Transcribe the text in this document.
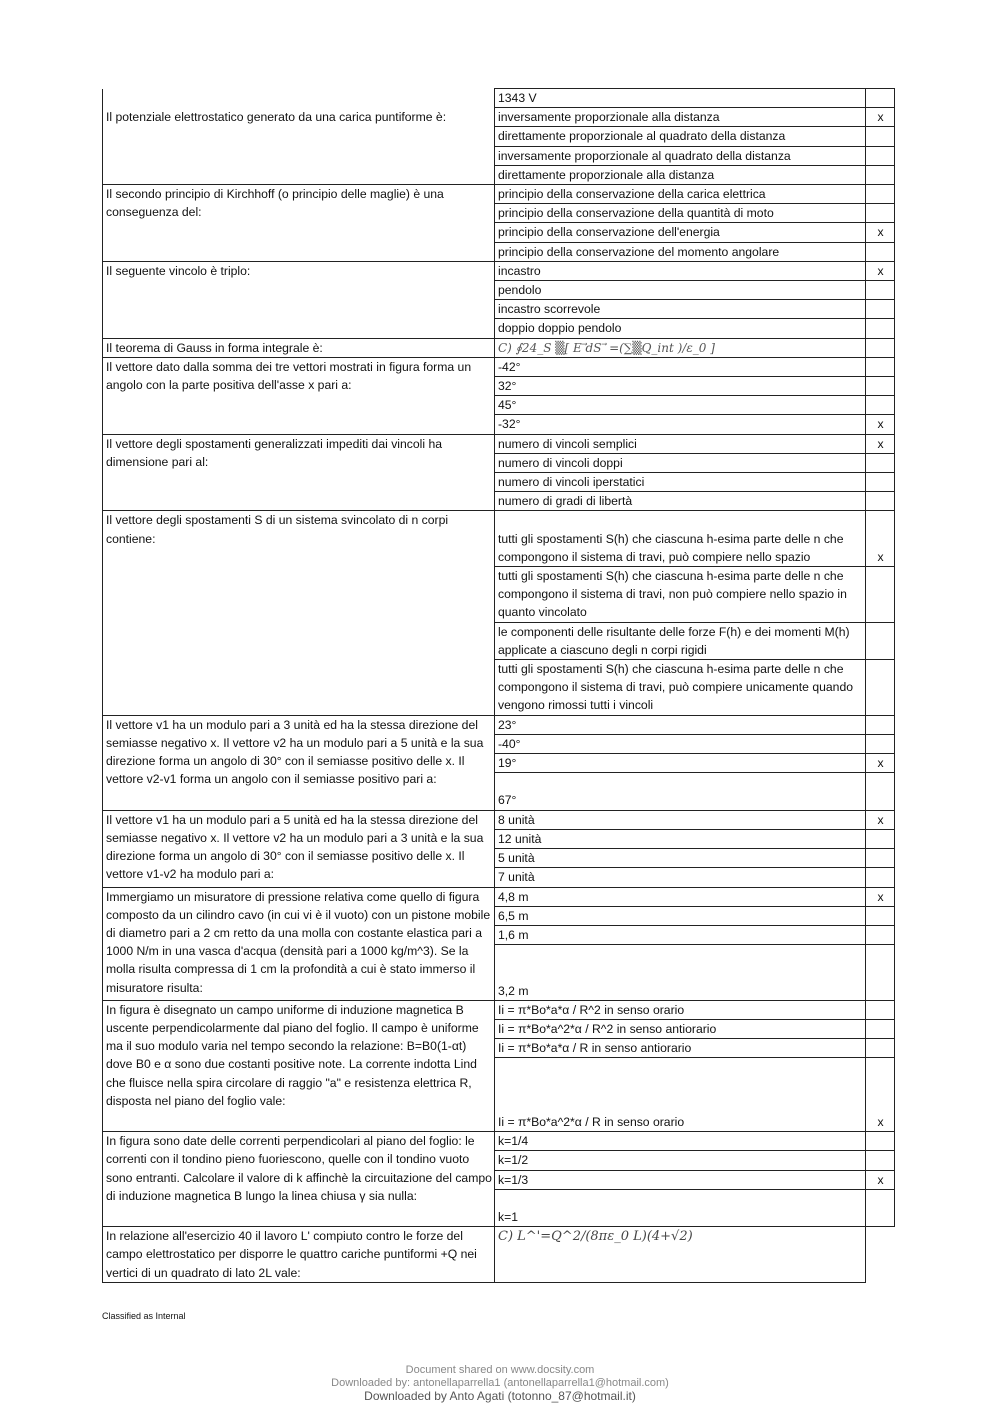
	1343 V	
Il potenziale elettrostatico generato da una carica puntiforme è:	inversamente proporzionale alla distanza	x
	direttamente proporzionale al quadrato della distanza	
	inversamente proporzionale al quadrato della distanza	
	direttamente proporzionale alla distanza	
Il secondo principio di Kirchhoff (o principio delle maglie) è una conseguenza del:	principio della conservazione della carica elettrica	
	principio della conservazione della quantità di moto	
	principio della conservazione dell'energia	x
	principio della conservazione del momento angolare	
Il seguente vincolo è triplo:	incastro	x
	pendolo	
	incastro scorrevole	
	doppio doppio pendolo	
Il teorema di Gauss in forma integrale è:	C) ∮24_S ▒[ E ⃗dS ⃗ =(∑▒Q_int )/ε_0 ]	
Il vettore dato dalla somma dei tre vettori mostrati in figura forma un angolo con la parte positiva dell'asse x pari a:	-42°	
	32°	
	45°	
	-32°	x
Il vettore degli spostamenti generalizzati impediti dai vincoli ha dimensione pari al:	numero di vincoli semplici	x
	numero di vincoli doppi	
	numero di vincoli iperstatici	
	numero di gradi di libertà	
Il vettore degli spostamenti S di un sistema svincolato di n corpi contiene:	tutti gli spostamenti S(h) che ciascuna h-esima parte delle n che compongono il sistema di travi, può compiere nello spazio	x
	tutti gli spostamenti S(h) che ciascuna h-esima parte delle n che compongono il sistema di travi, non può compiere nello spazio in quanto vincolato	
	le componenti delle risultante delle forze F(h) e dei momenti M(h) applicate a ciascuno degli n corpi rigidi	
	tutti gli spostamenti S(h) che ciascuna h-esima parte delle n che compongono il sistema di travi, può compiere unicamente quando vengono rimossi tutti i vincoli	
Il vettore v1 ha un modulo pari a 3 unità ed ha la stessa direzione del semiasse negativo x. Il vettore v2 ha un modulo pari a 5 unità e la sua direzione forma un angolo di 30° con il semiasse positivo delle x. Il vettore v2-v1 forma un angolo con il semiasse positivo pari a:	23°	
	-40°	
	19°	x
	67°	
Il vettore v1 ha un modulo pari a 5 unità ed ha la stessa direzione del semiasse negativo x. Il vettore v2 ha un modulo pari a 3 unità e la sua direzione forma un angolo di 30° con il semiasse positivo delle x. Il vettore v1-v2 ha modulo pari a:	8 unità	x
	12 unità	
	5 unità	
	7 unità	
Immergiamo un misuratore di pressione relativa come quello di figura composto da un cilindro cavo (in cui vi è il vuoto) con un pistone mobile di diametro pari a 2 cm retto da una molla con costante elastica pari a 1000 N/m in una vasca d'acqua (densità pari a 1000 kg/m^3). Se la molla risulta compressa di 1 cm la profondità a cui è stato immerso il misuratore risulta:	4,8 m	x
	6,5 m	
	1,6 m	
	3,2 m	
In figura è disegnato un campo uniforme di induzione magnetica B uscente perpendicolarmente dal piano del foglio. Il campo è uniforme ma il suo modulo varia nel tempo secondo la relazione: B=B0(1-αt) dove B0 e α sono due costanti positive note. La corrente indotta Lind che fluisce nella spira circolare di raggio "a" e resistenza elettrica R, disposta nel piano del foglio vale:	Ii = π*Bo*a*α / R^2 in senso orario	
	Ii = π*Bo*a^2*α / R^2 in senso antiorario	
	Ii = π*Bo*a*α / R in senso antiorario	
	Ii = π*Bo*a^2*α / R in senso orario	x
In figura sono date delle correnti perpendicolari al piano del foglio: le correnti con il tondino pieno fuoriescono, quelle con il tondino vuoto sono entranti. Calcolare il valore di k affinchè la circuitazione del campo di induzione magnetica B lungo la linea chiusa γ sia nulla:	k=1/4	
	k=1/2	
	k=1/3	x
	k=1	
In relazione all'esercizio 40 il lavoro L' compiuto contro le forze del campo elettrostatico per disporre le quattro cariche puntiformi +Q nei vertici di un quadrato di lato 2L vale:	C) L^'=Q^2/(8πε_0 L)(4+√2)	
Classified as Internal
Document shared on www.docsity.com
Downloaded by: antonellaparrella1 (antonellaparrella1@hotmail.com)
Downloaded by Anto Agati (totonno_87@hotmail.it)
